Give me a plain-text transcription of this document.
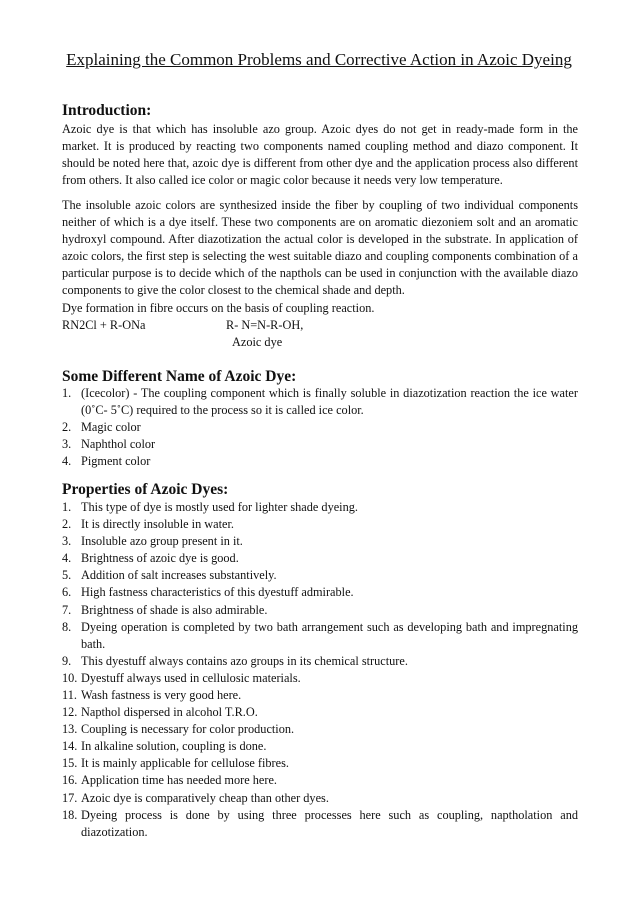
Explaining the Common Problems and Corrective Action in Azoic Dyeing
Introduction:
Azoic dye is that which has insoluble azo group. Azoic dyes do not get in ready-made form in the market. It is produced by reacting two components named coupling method and diazo component. It should be noted here that, azoic dye is different from other dye and the application process also different from others. It also called ice color or magic color because it needs very low temperature.
The insoluble azoic colors are synthesized inside the fiber by coupling of two individual components neither of which is a dye itself. These two components are on aromatic diezoniem solt and an aromatic hydroxyl compound. After diazotization the actual color is developed in the substrate. In application of azoic colors, the first step is selecting the west suitable diazo and coupling components combination of a particular purpose is to decide which of the napthols can be used in conjunction with the available diazo components to give the color closest to the chemical shade and depth.
Dye formation in fibre occurs on the basis of coupling reaction.
RN2Cl + R-ONa	R- N=N-R-OH,
Azoic dye
Some Different Name of Azoic Dye:
1. (Icecolor) - The coupling component which is finally soluble in diazotization reaction the ice water (0˚C- 5˚C) required to the process so it is called ice color.
2. Magic color
3. Naphthol color
4. Pigment color
Properties of Azoic Dyes:
1. This type of dye is mostly used for lighter shade dyeing.
2. It is directly insoluble in water.
3. Insoluble azo group present in it.
4. Brightness of azoic dye is good.
5. Addition of salt increases substantively.
6. High fastness characteristics of this dyestuff admirable.
7. Brightness of shade is also admirable.
8. Dyeing operation is completed by two bath arrangement such as developing bath and impregnating bath.
9. This dyestuff always contains azo groups in its chemical structure.
10. Dyestuff always used in cellulosic materials.
11. Wash fastness is very good here.
12. Napthol dispersed in alcohol T.R.O.
13. Coupling is necessary for color production.
14. In alkaline solution, coupling is done.
15. It is mainly applicable for cellulose fibres.
16. Application time has needed more here.
17. Azoic dye is comparatively cheap than other dyes.
18. Dyeing process is done by using three processes here such as coupling, naptholation and diazotization.
